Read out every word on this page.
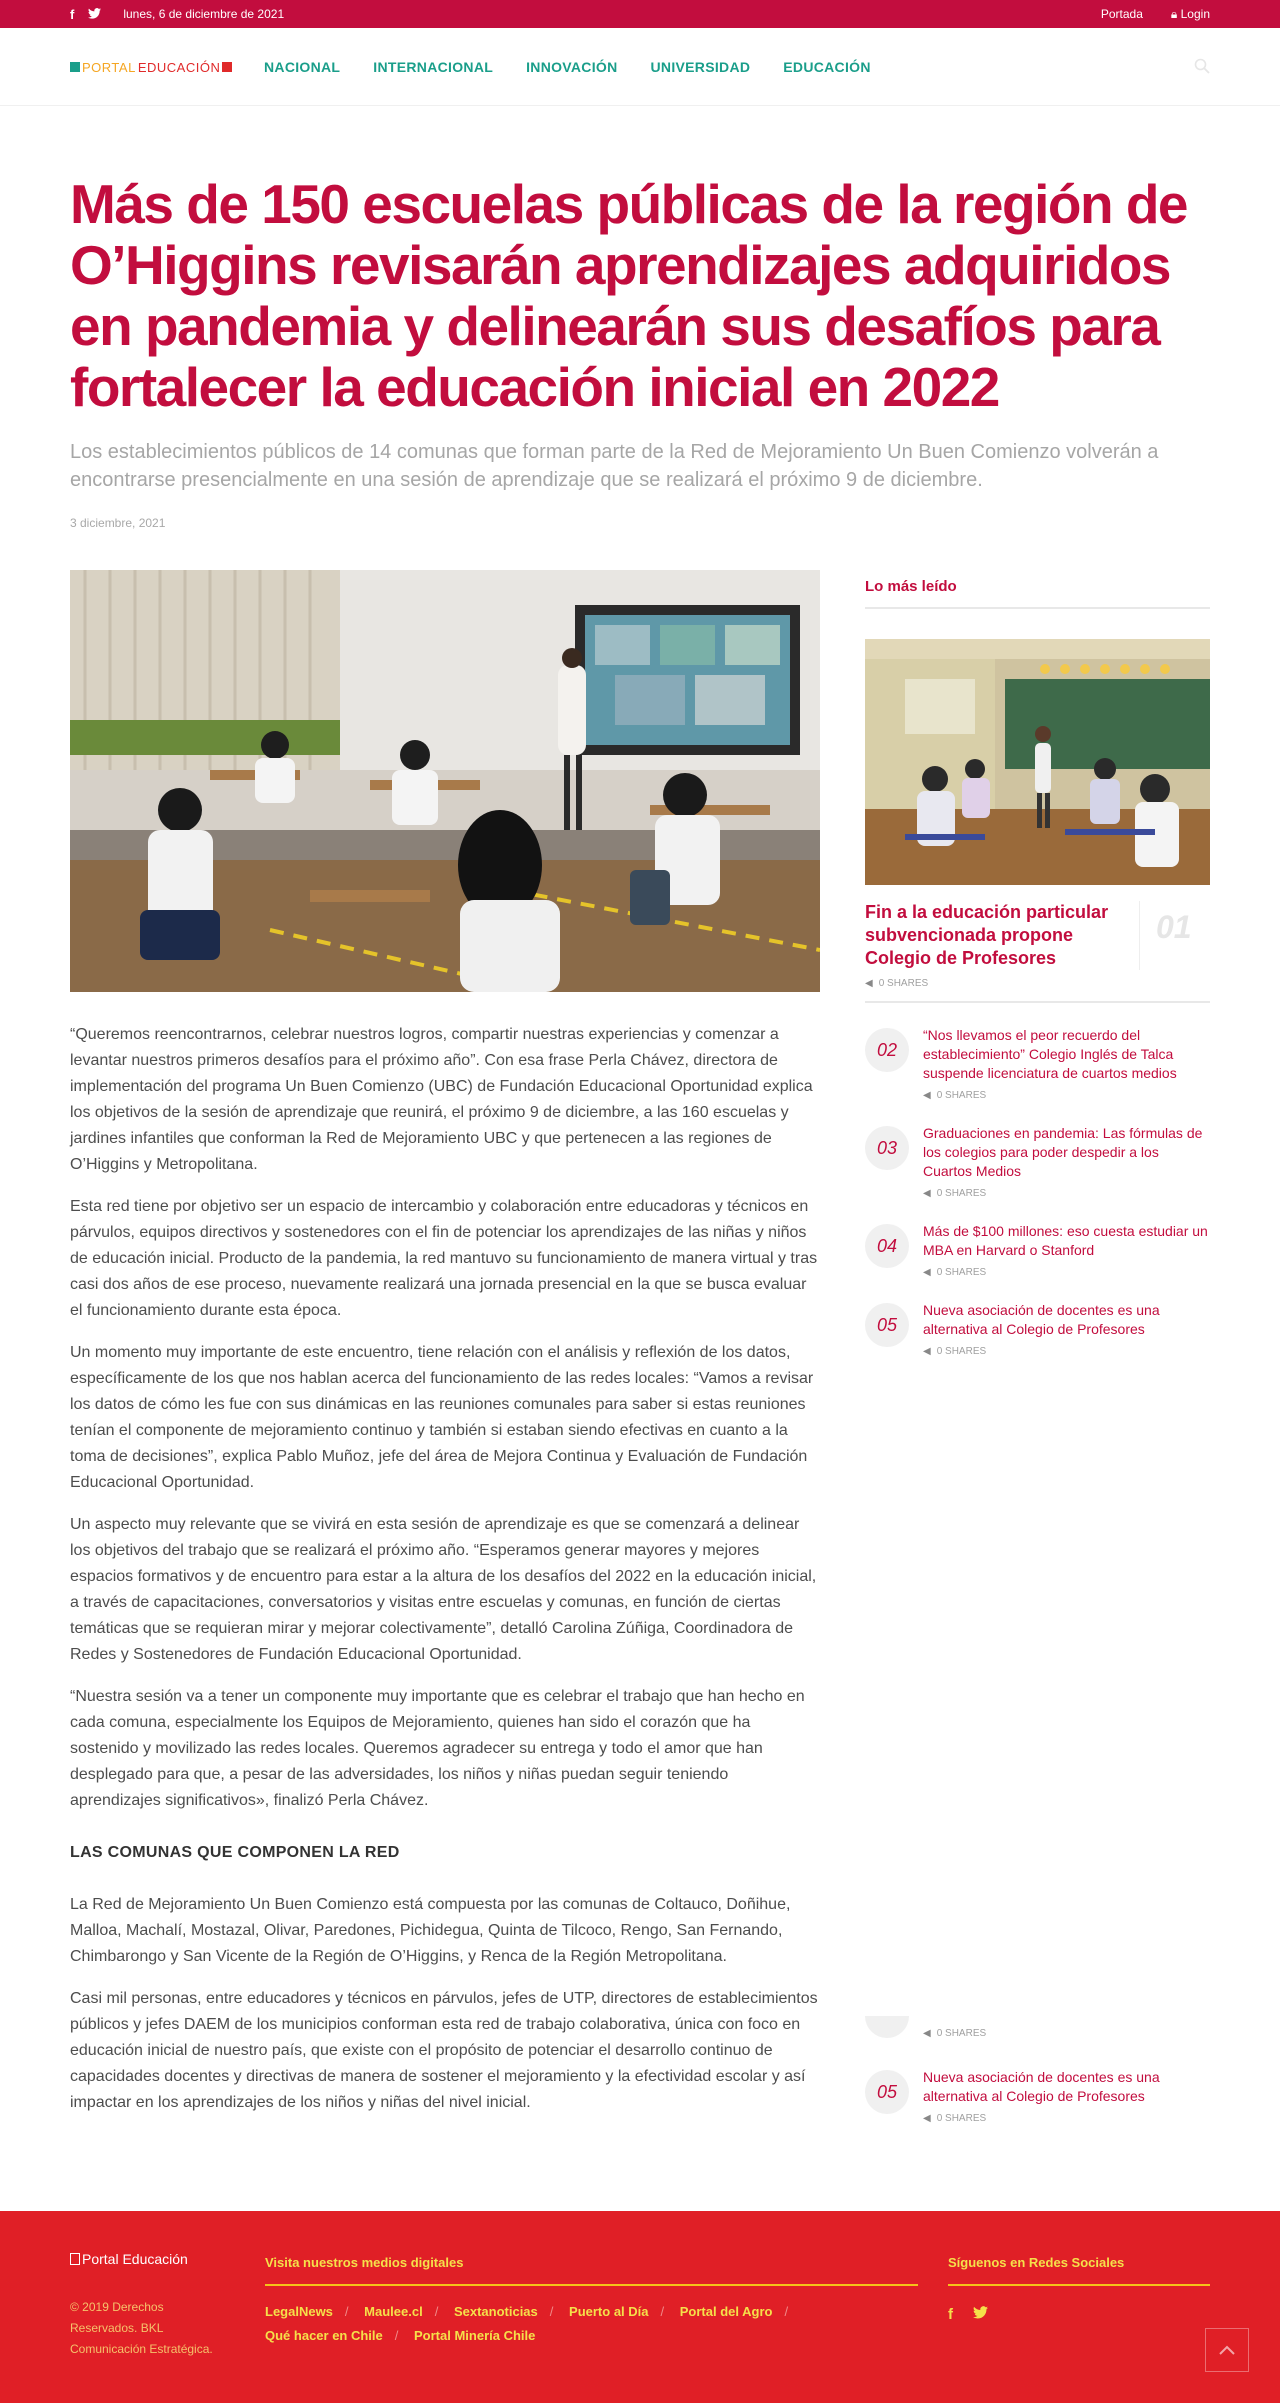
f	lunes, 6 de diciembre de 2021	Portada 🔒︎ Login
PORTAL EDUCACIÓN	NACIONAL INTERNACIONAL INNOVACIÓN UNIVERSIDAD EDUCACIÓN
Más de 150 escuelas públicas de la región de O’Higgins revisarán aprendizajes adquiridos en pandemia y delinearán sus desafíos para fortalecer la educación inicial en 2022

Los establecimientos públicos de 14 comunas que forman parte de la Red de Mejoramiento Un Buen Comienzo volverán a encontrarse presencialmente en una sesión de aprendizaje que se realizará el próximo 9 de diciembre.

3 diciembre, 2021

“Queremos reencontrarnos, celebrar nuestros logros, compartir nuestras experiencias y comenzar a levantar nuestros primeros desafíos para el próximo año”. Con esa frase Perla Chávez, directora de implementación del programa Un Buen Comienzo (UBC) de Fundación Educacional Oportunidad explica los objetivos de la sesión de aprendizaje que reunirá, el próximo 9 de diciembre, a las 160 escuelas y jardines infantiles que conforman la Red de Mejoramiento UBC y que pertenecen a las regiones de O’Higgins y Metropolitana.

Esta red tiene por objetivo ser un espacio de intercambio y colaboración entre educadoras y técnicos en párvulos, equipos directivos y sostenedores con el fin de potenciar los aprendizajes de las niñas y niños de educación inicial. Producto de la pandemia, la red mantuvo su funcionamiento de manera virtual y tras casi dos años de ese proceso, nuevamente realizará una jornada presencial en la que se busca evaluar el funcionamiento durante esta época.

Un momento muy importante de este encuentro, tiene relación con el análisis y reflexión de los datos, específicamente de los que nos hablan acerca del funcionamiento de las redes locales: “Vamos a revisar los datos de cómo les fue con sus dinámicas en las reuniones comunales para saber si estas reuniones tenían el componente de mejoramiento continuo y también si estaban siendo efectivas en cuanto a la toma de decisiones”, explica Pablo Muñoz, jefe del área de Mejora Continua y Evaluación de Fundación Educacional Oportunidad.

Un aspecto muy relevante que se vivirá en esta sesión de aprendizaje es que se comenzará a delinear los objetivos del trabajo que se realizará el próximo año. “Esperamos generar mayores y mejores espacios formativos y de encuentro para estar a la altura de los desafíos del 2022 en la educación inicial, a través de capacitaciones, conversatorios y visitas entre escuelas y comunas, en función de ciertas temáticas que se requieran mirar y mejorar colectivamente”, detalló Carolina Zúñiga, Coordinadora de Redes y Sostenedores de Fundación Educacional Oportunidad.

“Nuestra sesión va a tener un componente muy importante que es celebrar el trabajo que han hecho en cada comuna, especialmente los Equipos de Mejoramiento, quienes han sido el corazón que ha sostenido y movilizado las redes locales. Queremos agradecer su entrega y todo el amor que han desplegado para que, a pesar de las adversidades, los niños y niñas puedan seguir teniendo aprendizajes significativos», finalizó Perla Chávez.

LAS COMUNAS QUE COMPONEN LA RED

La Red de Mejoramiento Un Buen Comienzo está compuesta por las comunas de Coltauco, Doñihue, Malloa, Machalí, Mostazal, Olivar, Paredones, Pichidegua, Quinta de Tilcoco, Rengo, San Fernando, Chimbarongo y San Vicente de la Región de O’Higgins, y Renca de la Región Metropolitana.

Casi mil personas, entre educadores y técnicos en párvulos, jefes de UTP, directores de establecimientos públicos y jefes DAEM de los municipios conforman esta red de trabajo colaborativa, única con foco en educación inicial de nuestro país, que existe con el propósito de potenciar el desarrollo continuo de capacidades docentes y directivas de manera de sostener el mejoramiento y la efectividad escolar y así impactar en los aprendizajes de los niños y niñas del nivel inicial.

Lo más leído
Fin a la educación particular subvencionada propone Colegio de Profesores
01
◀ 0 SHARES
02
“Nos llevamos el peor recuerdo del establecimiento” Colegio Inglés de Talca suspende licenciatura de cuartos medios
◀ 0 SHARES
03
Graduaciones en pandemia: Las fórmulas de los colegios para poder despedir a los Cuartos Medios
◀ 0 SHARES
04
Más de $100 millones: eso cuesta estudiar un MBA en Harvard o Stanford
◀ 0 SHARES
05
Nueva asociación de docentes es una alternativa al Colegio de Profesores
◀ 0 SHARES
◀ 0 SHARES
05
Nueva asociación de docentes es una alternativa al Colegio de Profesores
◀ 0 SHARES
Portal Educación
© 2019 Derechos Reservados. BKL Comunicación Estratégica.
Visita nuestros medios digitales
LegalNews / Maulee.cl / Sextanoticias / Puerto al Día / Portal del Agro /
Qué hacer en Chile / Portal Minería Chile
Síguenos en Redes Sociales
f
